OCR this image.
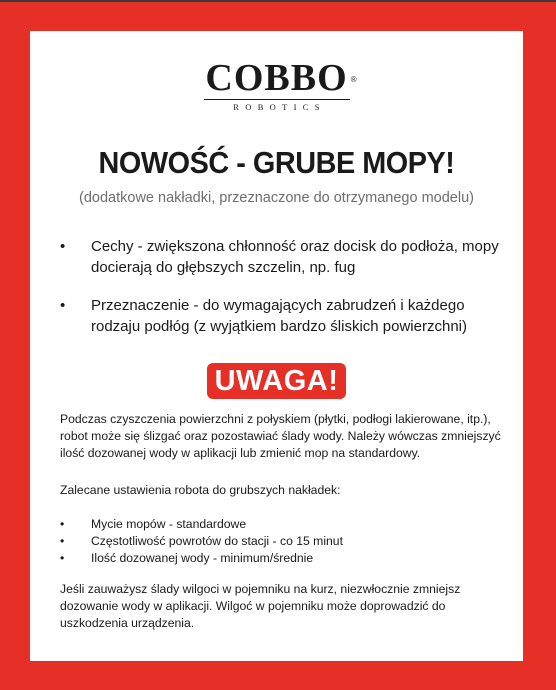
COBBO ®
ROBOTICS
NOWOŚĆ - GRUBE MOPY!
(dodatkowe nakładki, przeznaczone do otrzymanego modelu)
• Cechy - zwiększona chłonność oraz docisk do podłoża, mopy docierają do głębszych szczelin, np. fug
• Przeznaczenie - do wymagających zabrudzeń i każdego rodzaju podłóg (z wyjątkiem bardzo śliskich powierzchni)
UWAGA!

Podczas czyszczenia powierzchni z połyskiem (płytki, podłogi lakierowane, itp.), robot może się ślizgać oraz pozostawiać ślady wody. Należy wówczas zmniejszyć ilość dozowanej wody w aplikacji lub zmienić mop na standardowy.

Zalecane ustawienia robota do grubszych nakładek:

• Mycie mopów - standardowe
• Częstotliwość powrotów do stacji - co 15 minut
• Ilość dozowanej wody - minimum/średnie

Jeśli zauważysz ślady wilgoci w pojemniku na kurz, niezwłocznie zmniejsz dozowanie wody w aplikacji. Wilgoć w pojemniku może doprowadzić do uszkodzenia urządzenia.
